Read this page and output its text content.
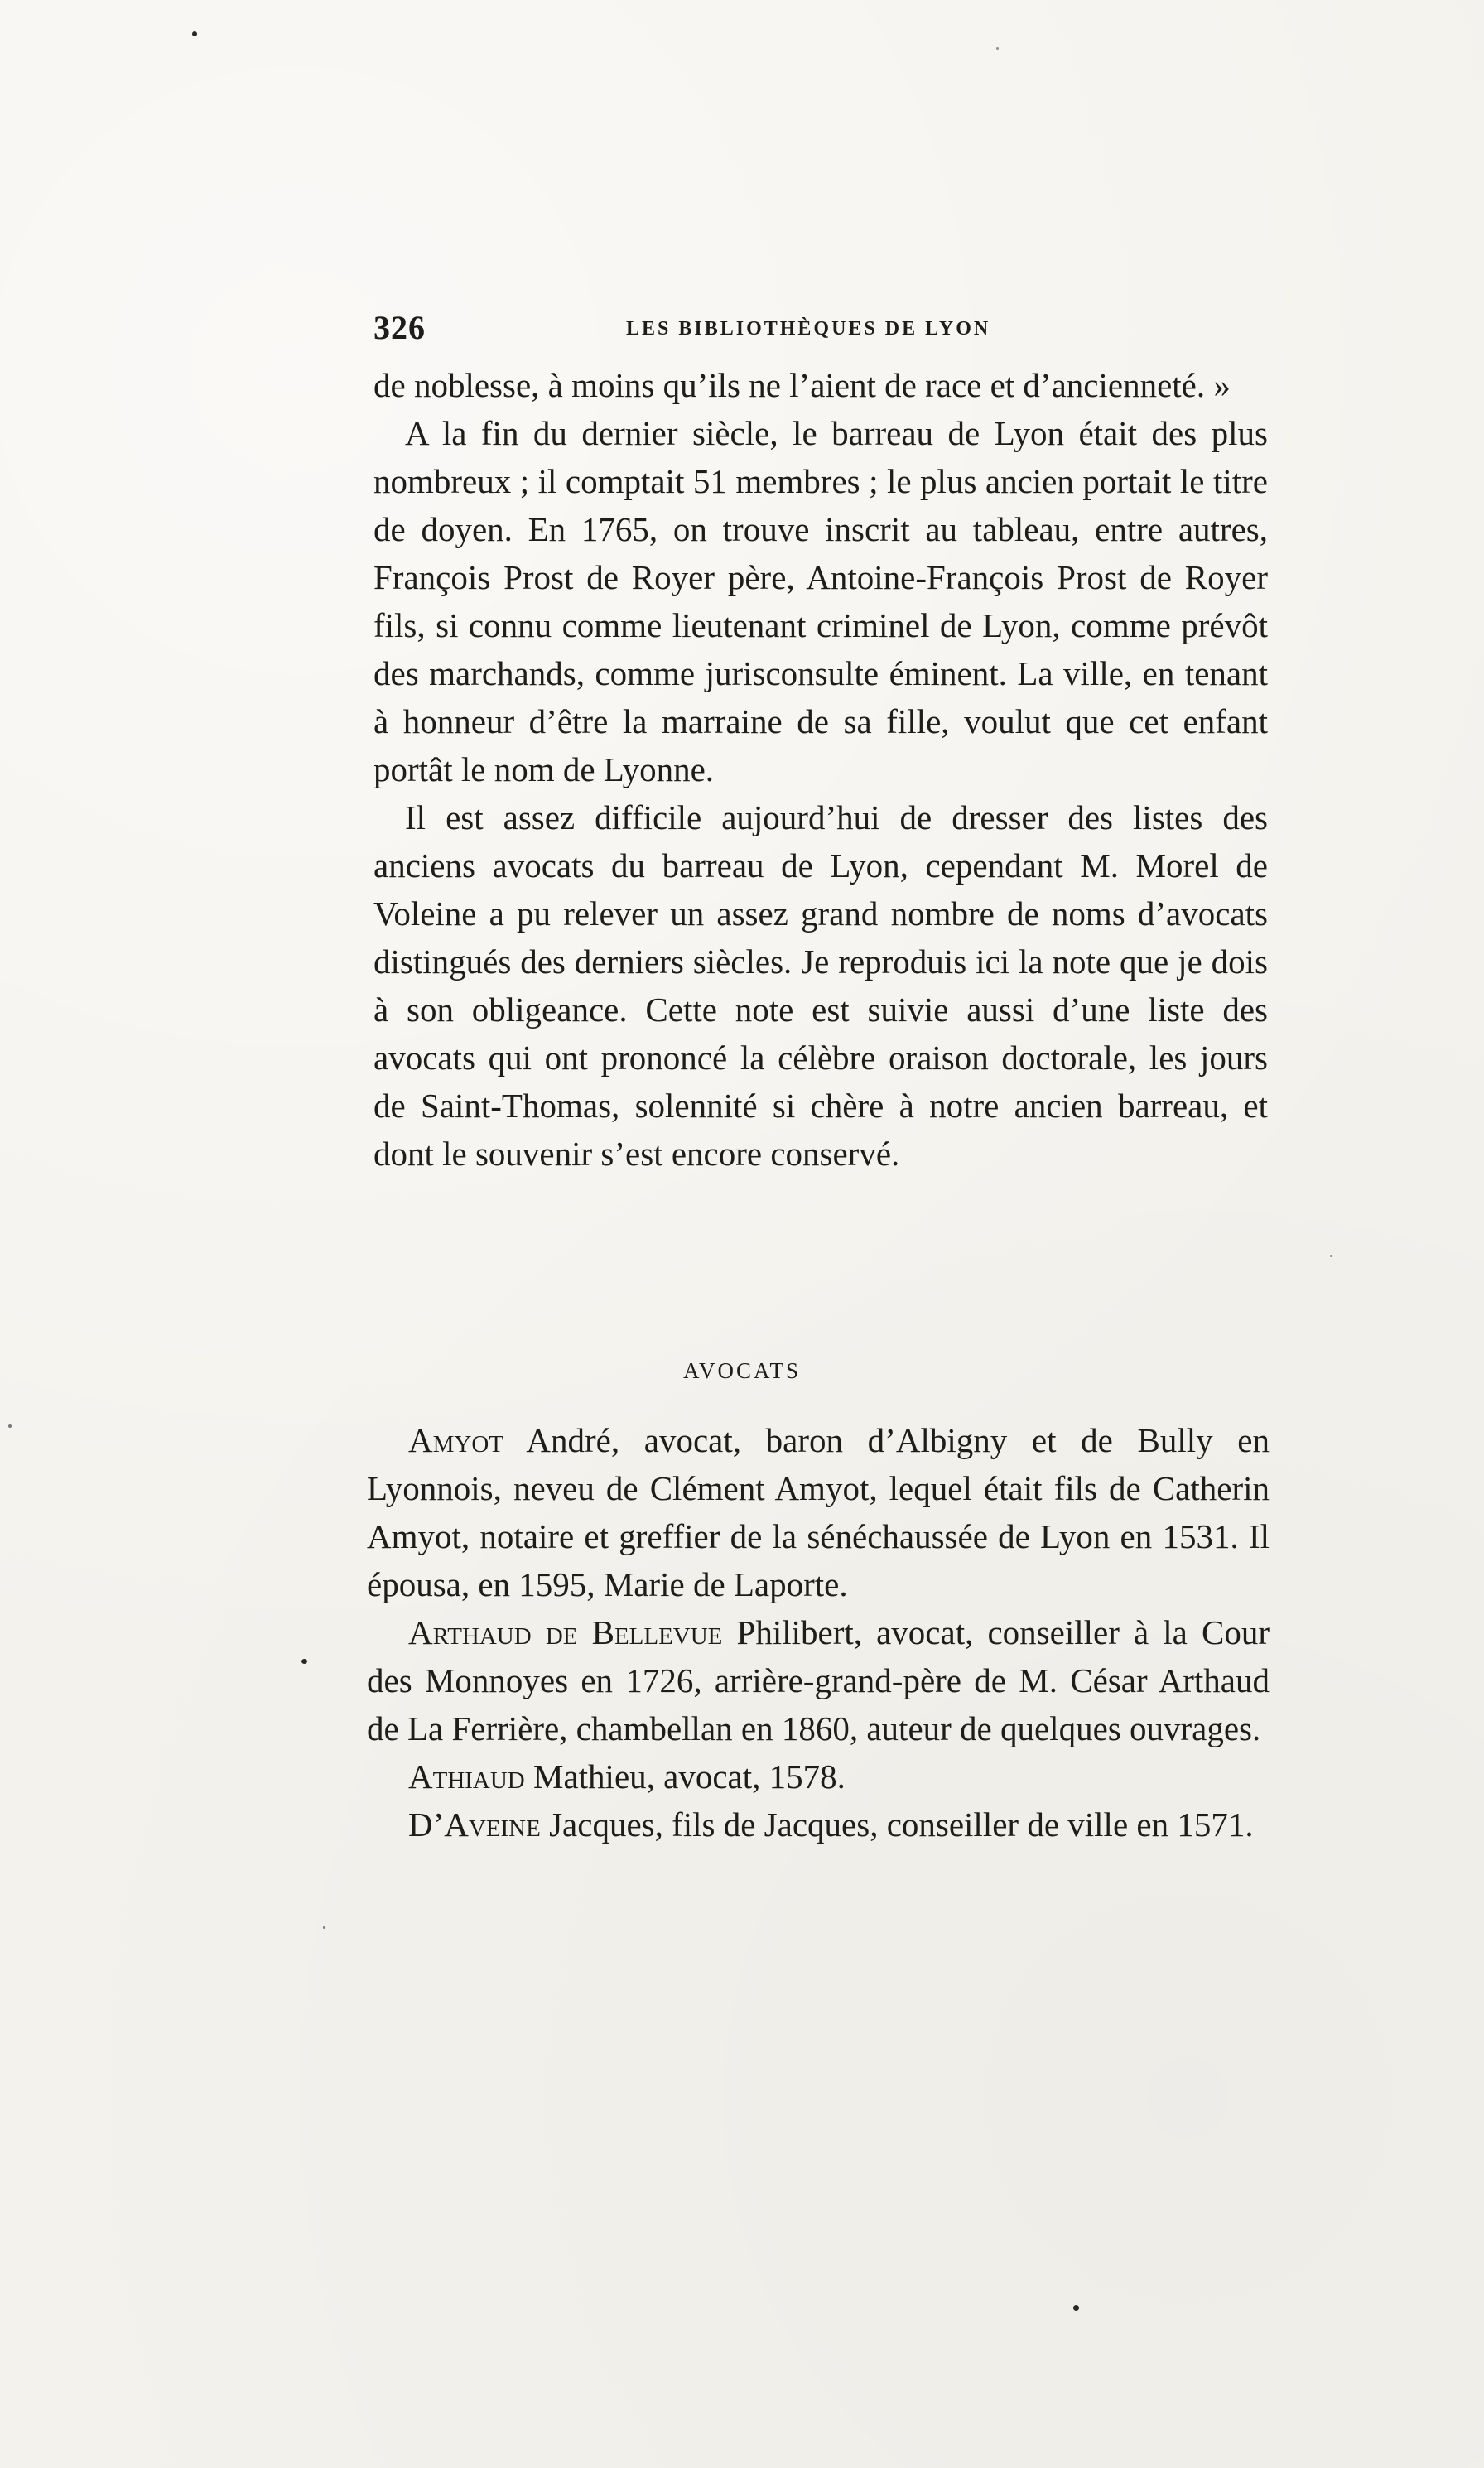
326	LES BIBLIOTHÈQUES DE LYON

de noblesse, à moins qu’ils ne l’aient de race et d’ancienneté. »

A la fin du dernier siècle, le barreau de Lyon était des plus nombreux ; il comptait 51 membres ; le plus ancien portait le titre de doyen. En 1765, on trouve inscrit au tableau, entre autres, François Prost de Royer père, Antoine-François Prost de Royer fils, si connu comme lieutenant criminel de Lyon, comme prévôt des marchands, comme jurisconsulte éminent. La ville, en tenant à honneur d’être la marraine de sa fille, voulut que cet enfant portât le nom de Lyonne.

Il est assez difficile aujourd’hui de dresser des listes des anciens avocats du barreau de Lyon, cependant M. Morel de Voleine a pu relever un assez grand nombre de noms d’avocats distingués des derniers siècles. Je reproduis ici la note que je dois à son obligeance. Cette note est suivie aussi d’une liste des avocats qui ont prononcé la célèbre oraison doctorale, les jours de Saint-Thomas, solennité si chère à notre ancien barreau, et dont le souvenir s’est encore conservé.

AVOCATS

Amyot André, avocat, baron d’Albigny et de Bully en Lyonnois, neveu de Clément Amyot, lequel était fils de Catherin Amyot, notaire et greffier de la sénéchaussée de Lyon en 1531. Il épousa, en 1595, Marie de Laporte.

Arthaud de Bellevue Philibert, avocat, conseiller à la Cour des Monnoyes en 1726, arrière-grand-père de M. César Arthaud de La Ferrière, chambellan en 1860, auteur de quelques ouvrages.

Athiaud Mathieu, avocat, 1578.

D’Aveine Jacques, fils de Jacques, conseiller de ville en 1571.
